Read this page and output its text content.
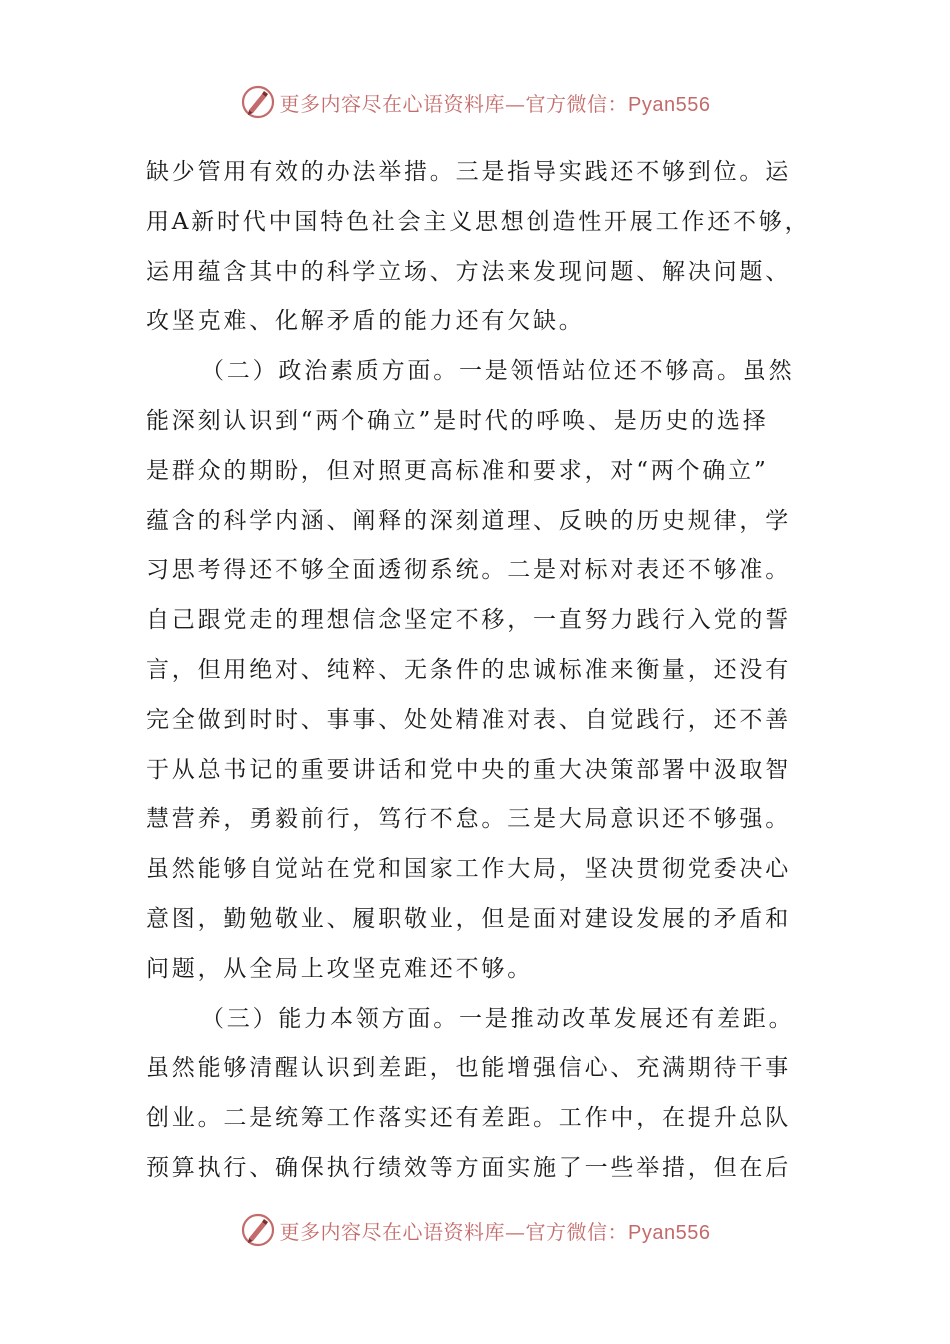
更多内容尽在心语资料库—官方微信：Pyan556
缺少管用有效的办法举措。三是指导实践还不够到位。运
用A新时代中国特色社会主义思想创造性开展工作还不够，
运用蕴含其中的科学立场、方法来发现问题、解决问题、
攻坚克难、化解矛盾的能力还有欠缺。
（二）政治素质方面。一是领悟站位还不够高。虽然
能深刻认识到“两个确立”是时代的呼唤、是历史的选择
是群众的期盼，但对照更高标准和要求，对“两个确立”
蕴含的科学内涵、阐释的深刻道理、反映的历史规律，学
习思考得还不够全面透彻系统。二是对标对表还不够准。
自己跟党走的理想信念坚定不移，一直努力践行入党的誓
言，但用绝对、纯粹、无条件的忠诚标准来衡量，还没有
完全做到时时、事事、处处精准对表、自觉践行，还不善
于从总书记的重要讲话和党中央的重大决策部署中汲取智
慧营养，勇毅前行，笃行不怠。三是大局意识还不够强。
虽然能够自觉站在党和国家工作大局，坚决贯彻党委决心
意图，勤勉敬业、履职敬业，但是面对建设发展的矛盾和
问题，从全局上攻坚克难还不够。
（三）能力本领方面。一是推动改革发展还有差距。
虽然能够清醒认识到差距，也能增强信心、充满期待干事
创业。二是统筹工作落实还有差距。工作中，在提升总队
预算执行、确保执行绩效等方面实施了一些举措，但在后
更多内容尽在心语资料库—官方微信：Pyan556
